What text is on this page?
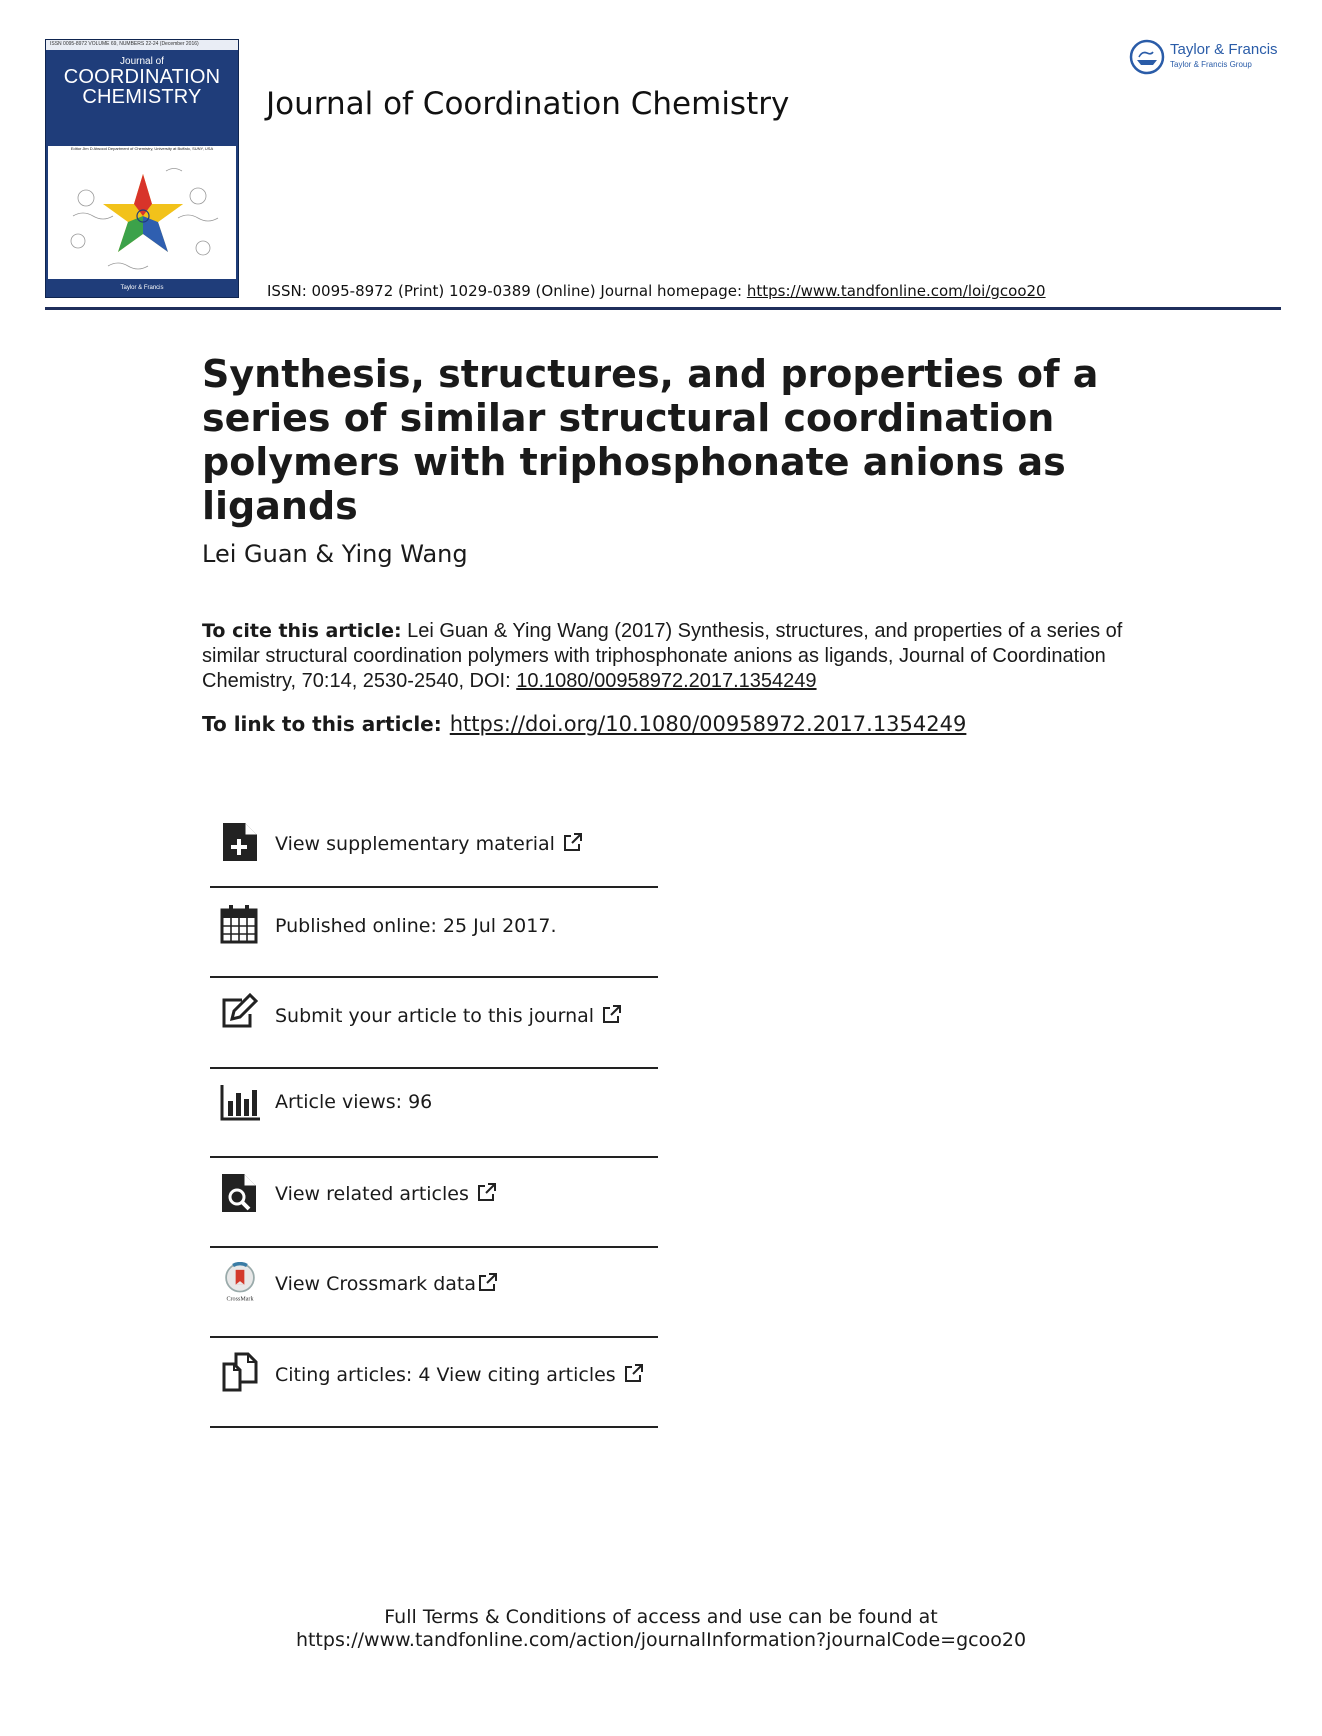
ISSN 0095-8972 VOLUME 69, NUMBERS 22-24 (December 2016)
Journal of
COORDINATION
CHEMISTRY
Editor Jim D Atwood Department of Chemistry, University at Buffalo, SUNY, USA
Taylor & Francis
Journal of Coordination Chemistry
Taylor & Francis
Taylor & Francis Group
ISSN: 0095-8972 (Print) 1029-0389 (Online) Journal homepage: https://www.tandfonline.com/loi/gcoo20
Synthesis, structures, and properties of a series of similar structural coordination polymers with triphosphonate anions as ligands
Lei Guan & Ying Wang
To cite this article: Lei Guan & Ying Wang (2017) Synthesis, structures, and properties of a series of similar structural coordination polymers with triphosphonate anions as ligands, Journal of Coordination Chemistry, 70:14, 2530-2540, DOI: 10.1080/00958972.2017.1354249
To link to this article: https://doi.org/10.1080/00958972.2017.1354249
View supplementary material
Published online: 25 Jul 2017.
Submit your article to this journal
Article views: 96
View related articles
CrossMark
View Crossmark data
Citing articles: 4 View citing articles
Full Terms & Conditions of access and use can be found at
https://www.tandfonline.com/action/journalInformation?journalCode=gcoo20
